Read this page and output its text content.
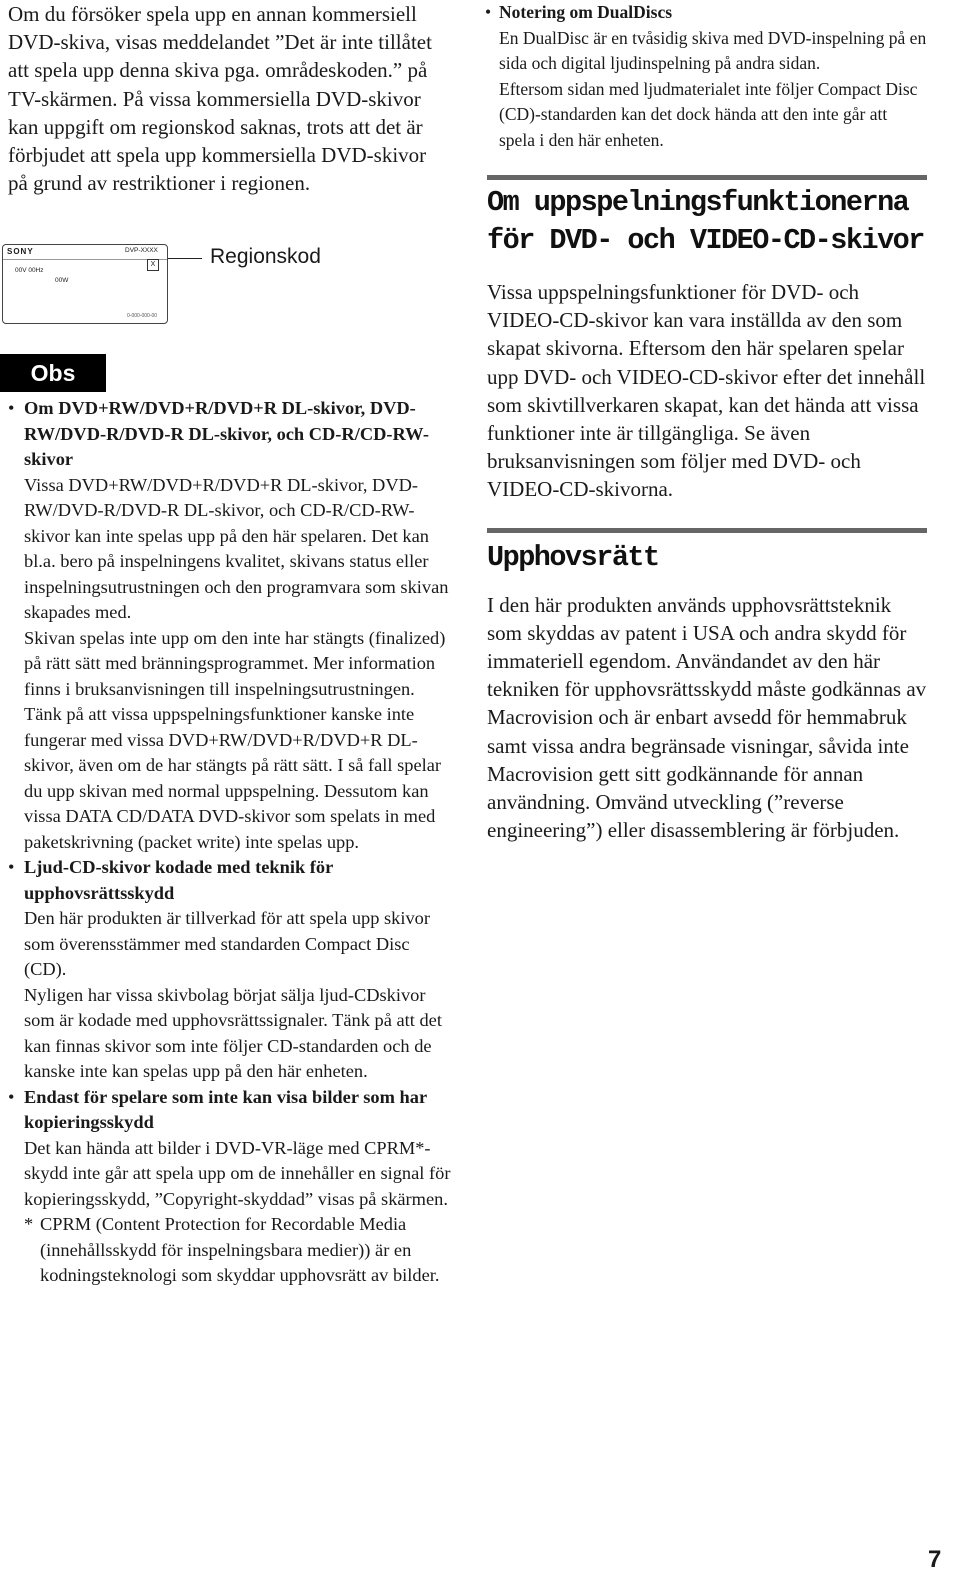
Om du försöker spela upp en annan kommersiell DVD-skiva, visas meddelandet ”Det är inte tillåtet att spela upp denna skiva pga. områdeskoden.” på TV-skärmen. På vissa kommersiella DVD-skivor kan uppgift om regionskod saknas, trots att det är förbjudet att spela upp kommersiella DVD-skivor på grund av restriktioner i regionen.

SONY	DVP-XXXX
X
00V 00Hz
00W
0-000-000-00
Regionskod
Obs
• Om DVD+RW/DVD+R/DVD+R DL-skivor, DVD-RW/DVD-R/DVD-R DL-skivor, och CD-R/CD-RW-skivor
Vissa DVD+RW/DVD+R/DVD+R DL-skivor, DVD-RW/DVD-R/DVD-R DL-skivor, och CD-R/CD-RW-skivor kan inte spelas upp på den här spelaren. Det kan bl.a. bero på inspelningens kvalitet, skivans status eller inspelningsutrustningen och den programvara som skivan skapades med.
Skivan spelas inte upp om den inte har stängts (finalized) på rätt sätt med bränningsprogrammet. Mer information finns i bruksanvisningen till inspelningsutrustningen. Tänk på att vissa uppspelningsfunktioner kanske inte fungerar med vissa DVD+RW/DVD+R/DVD+R DL-skivor, även om de har stängts på rätt sätt. I så fall spelar du upp skivan med normal uppspelning. Dessutom kan vissa DATA CD/DATA DVD-skivor som spelats in med paketskrivning (packet write) inte spelas upp.
• Ljud-CD-skivor kodade med teknik för upphovsrättsskydd
Den här produkten är tillverkad för att spela upp skivor som överensstämmer med standarden Compact Disc (CD).
Nyligen har vissa skivbolag börjat sälja ljud-CDskivor som är kodade med upphovsrättssignaler. Tänk på att det kan finnas skivor som inte följer CD-standarden och de kanske inte kan spelas upp på den här enheten.
• Endast för spelare som inte kan visa bilder som har kopieringsskydd
Det kan hända att bilder i DVD-VR-läge med CPRM*-skydd inte går att spela upp om de innehåller en signal för kopieringsskydd, ”Copyright-skyddad” visas på skärmen.
* CPRM (Content Protection for Recordable Media (innehållsskydd för inspelningsbara medier)) är en kodningsteknologi som skyddar upphovsrätt av bilder.
• Notering om DualDiscs
En DualDisc är en tvåsidig skiva med DVD-inspelning på en sida och digital ljudinspelning på andra sidan.
Eftersom sidan med ljudmaterialet inte följer Compact Disc (CD)-standarden kan det dock hända att den inte går att spela i den här enheten.
Om uppspelningsfunktionerna
för DVD- och VIDEO-CD-skivor

Vissa uppspelningsfunktioner för DVD- och VIDEO-CD-skivor kan vara inställda av den som skapat skivorna. Eftersom den här spelaren spelar upp DVD- och VIDEO-CD-skivor efter det innehåll som skivtillverkaren skapat, kan det hända att vissa funktioner inte är tillgängliga. Se även bruksanvisningen som följer med DVD- och VIDEO-CD-skivorna.

Upphovsrätt

I den här produkten används upphovsrättsteknik som skyddas av patent i USA och andra skydd för immateriell egendom. Användandet av den här tekniken för upphovsrättsskydd måste godkännas av Macrovision och är enbart avsedd för hemmabruk samt vissa andra begränsade visningar, såvida inte Macrovision gett sitt godkännande för annan användning. Omvänd utveckling (”reverse engineering”) eller disassemblering är förbjuden.

7
